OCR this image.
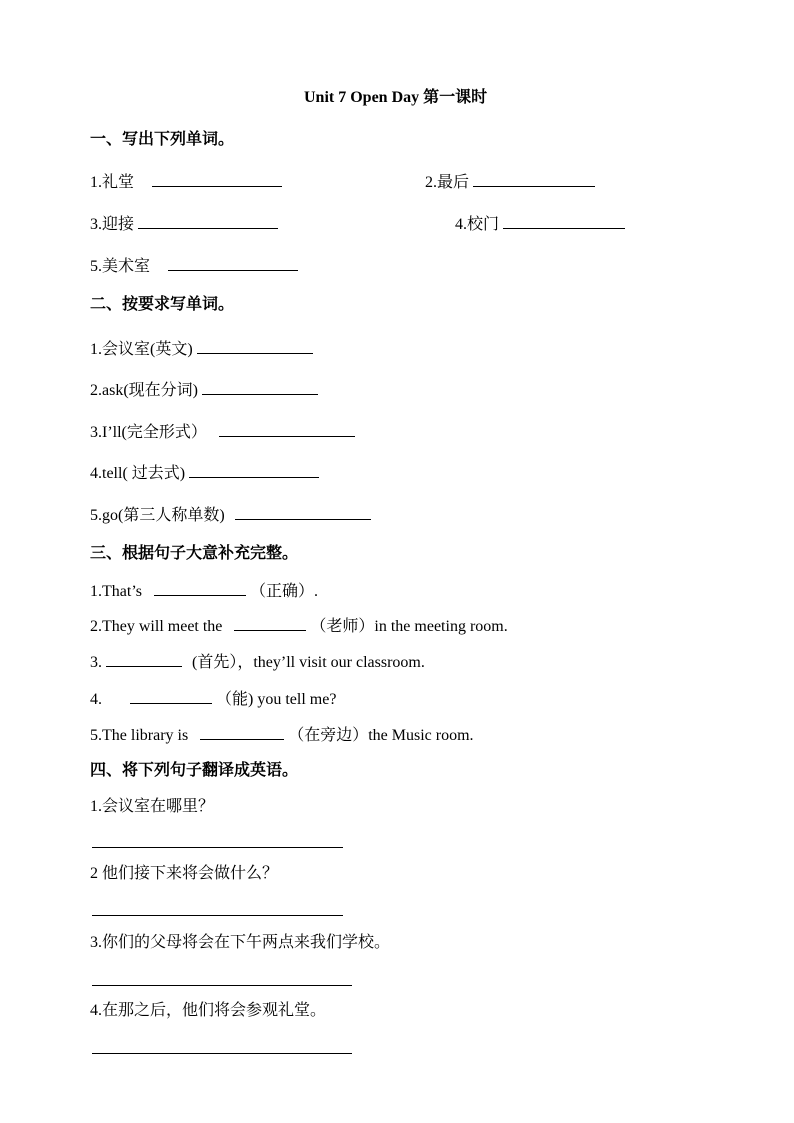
Unit 7 Open Day 第一课时
一、写出下列单词。
1.礼堂	2.最后
3.迎接	4.校门
5.美术室
二、按要求写单词。
1.会议室(英文)
2.ask(现在分词)
3.I’ll(完全形式）
4.tell( 过去式)
5.go(第三人称单数)
三、根据句子大意补充完整。
1.That’s	（正确）.
2.They will meet the	（老师）in the meeting room.
3.	(首先），they’ll visit our classroom.
4.	（能) you tell me?
5.The library is	（在旁边）the Music room.
四、将下列句子翻译成英语。
1.会议室在哪里？
2 他们接下来将会做什么？
3.你们的父母将会在下午两点来我们学校。
4.在那之后，他们将会参观礼堂。
